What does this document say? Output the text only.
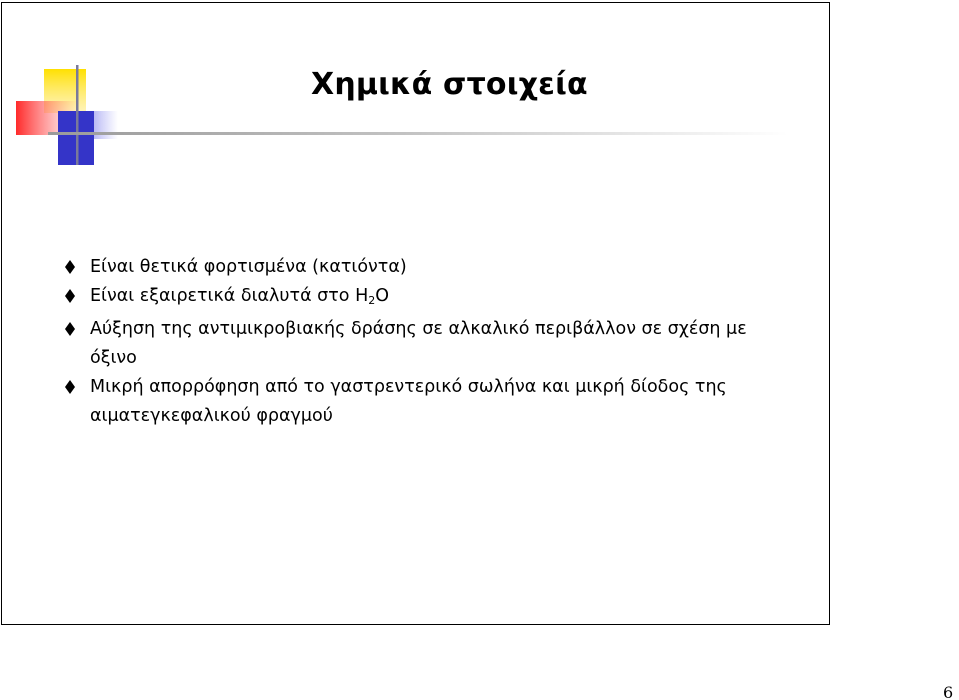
Χημικά στοιχεία
Είναι θετικά φορτισμένα (κατιόντα)
Είναι εξαιρετικά διαλυτά στο $H_2O$
Αύξηση της αντιμικροβιακής δράσης σε αλκαλικό περιβάλλον σε σχέση με
όξινο
Μικρή απορρόφηση από το γαστρεντερικό σωλήνα και μικρή δίοδος της
αιματεγκεφαλικού φραγμού
6
